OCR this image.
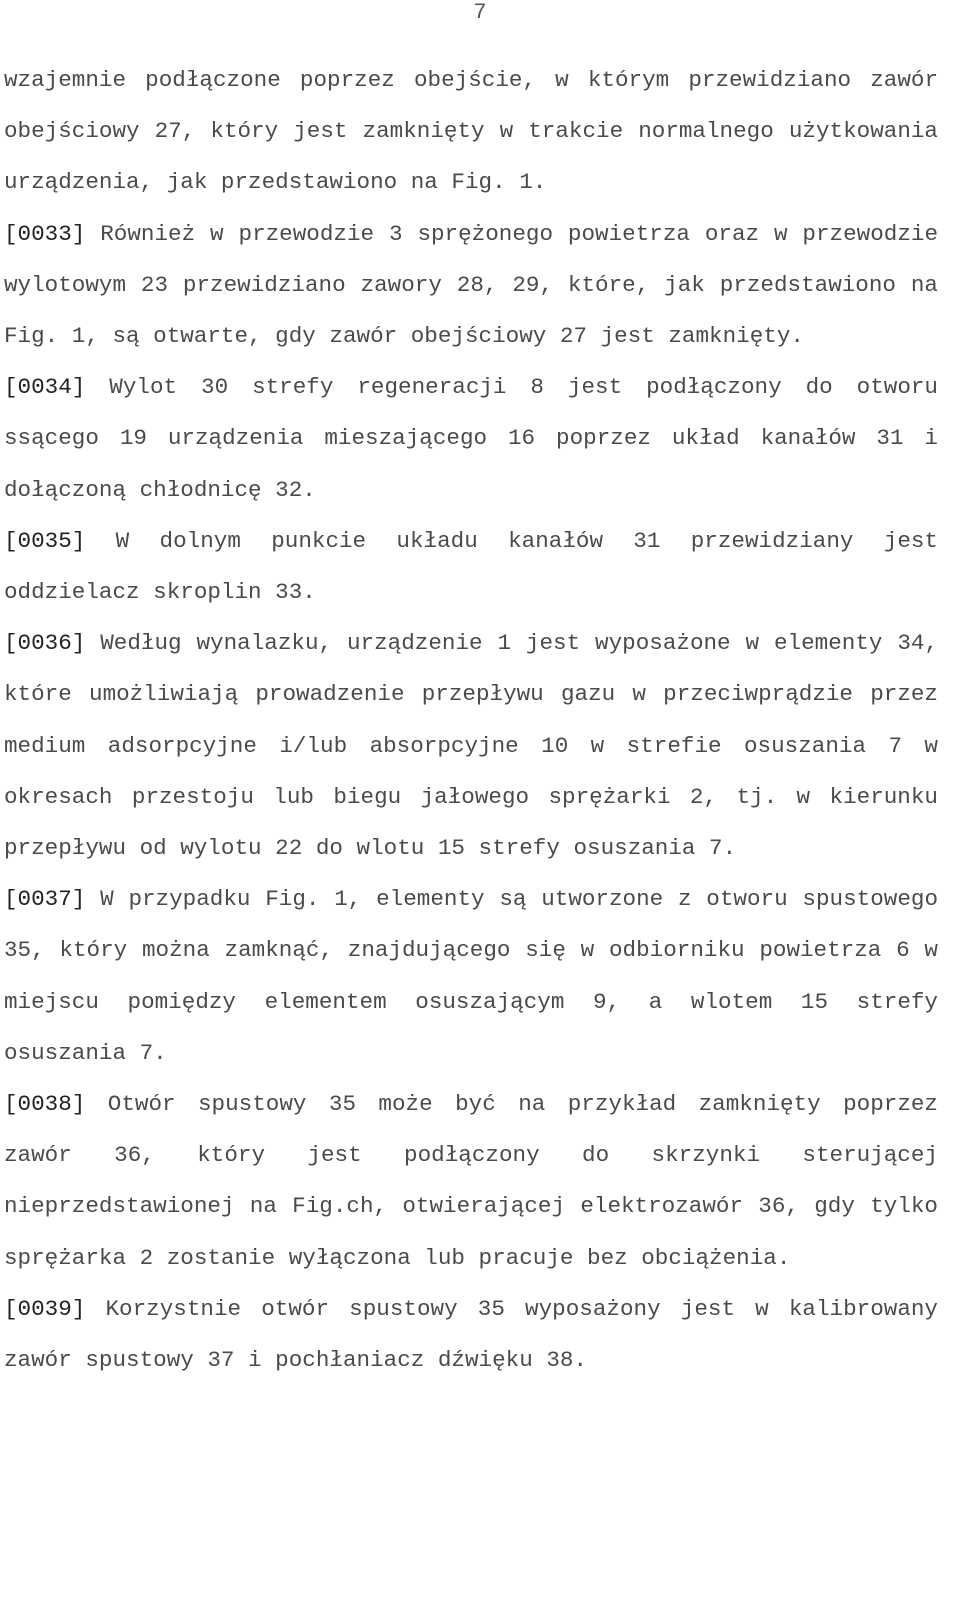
7

wzajemnie podłączone poprzez obejście, w którym przewidziano zawór obejściowy 27, który jest zamknięty w trakcie normalnego użytkowania urządzenia, jak przedstawiono na Fig. 1.

[0033] Również w przewodzie 3 sprężonego powietrza oraz w przewodzie wylotowym 23 przewidziano zawory 28, 29, które, jak przedstawiono na Fig. 1, są otwarte, gdy zawór obejściowy 27 jest zamknięty.

[0034] Wylot 30 strefy regeneracji 8 jest podłączony do otworu ssącego 19 urządzenia mieszającego 16 poprzez układ kanałów 31 i dołączoną chłodnicę 32.

[0035] W dolnym punkcie układu kanałów 31 przewidziany jest oddzielacz skroplin 33.

[0036] Według wynalazku, urządzenie 1 jest wyposażone w elementy 34, które umożliwiają prowadzenie przepływu gazu w przeciwprądzie przez medium adsorpcyjne i/lub absorpcyjne 10 w strefie osuszania 7 w okresach przestoju lub biegu jałowego sprężarki 2, tj. w kierunku przepływu od wylotu 22 do wlotu 15 strefy osuszania 7.

[0037] W przypadku Fig. 1, elementy są utworzone z otworu spustowego 35, który można zamknąć, znajdującego się w odbiorniku powietrza 6 w miejscu pomiędzy elementem osuszającym 9, a wlotem 15 strefy osuszania 7.

[0038] Otwór spustowy 35 może być na przykład zamknięty poprzez zawór 36, który jest podłączony do skrzynki sterującej nieprzedstawionej na Fig.ch, otwierającej elektrozawór 36, gdy tylko sprężarka 2 zostanie wyłączona lub pracuje bez obciążenia.

[0039] Korzystnie otwór spustowy 35 wyposażony jest w kalibrowany zawór spustowy 37 i pochłaniacz dźwięku 38.
